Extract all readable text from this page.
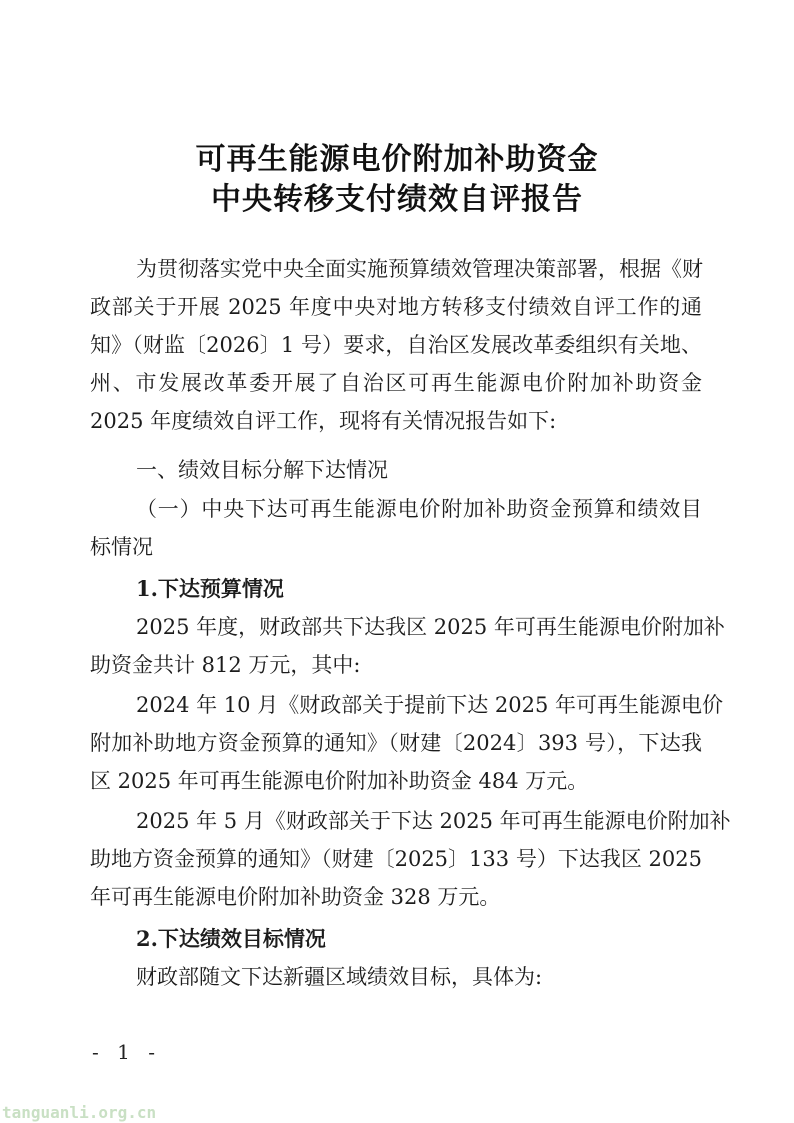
可再生能源电价附加补助资金
中央转移支付绩效自评报告
为贯彻落实党中央全面实施预算绩效管理决策部署，根据《财
政部关于开展 2025 年度中央对地方转移支付绩效自评工作的通
知》（财监〔2026〕1 号）要求，自治区发展改革委组织有关地、
州、市发展改革委开展了自治区可再生能源电价附加补助资金
2025 年度绩效自评工作，现将有关情况报告如下:
一、绩效目标分解下达情况
（一）中央下达可再生能源电价附加补助资金预算和绩效目
标情况
1.下达预算情况
2025 年度，财政部共下达我区 2025 年可再生能源电价附加补
助资金共计 812 万元，其中:
2024 年 10 月《财政部关于提前下达 2025 年可再生能源电价
附加补助地方资金预算的通知》（财建〔2024〕393 号），下达我
区 2025 年可再生能源电价附加补助资金 484 万元。
2025 年 5 月《财政部关于下达 2025 年可再生能源电价附加补
助地方资金预算的通知》（财建〔2025〕133 号）下达我区 2025
年可再生能源电价附加补助资金 328 万元。
2.下达绩效目标情况
财政部随文下达新疆区域绩效目标，具体为:
- 1 -
tanguanli.org.cn
